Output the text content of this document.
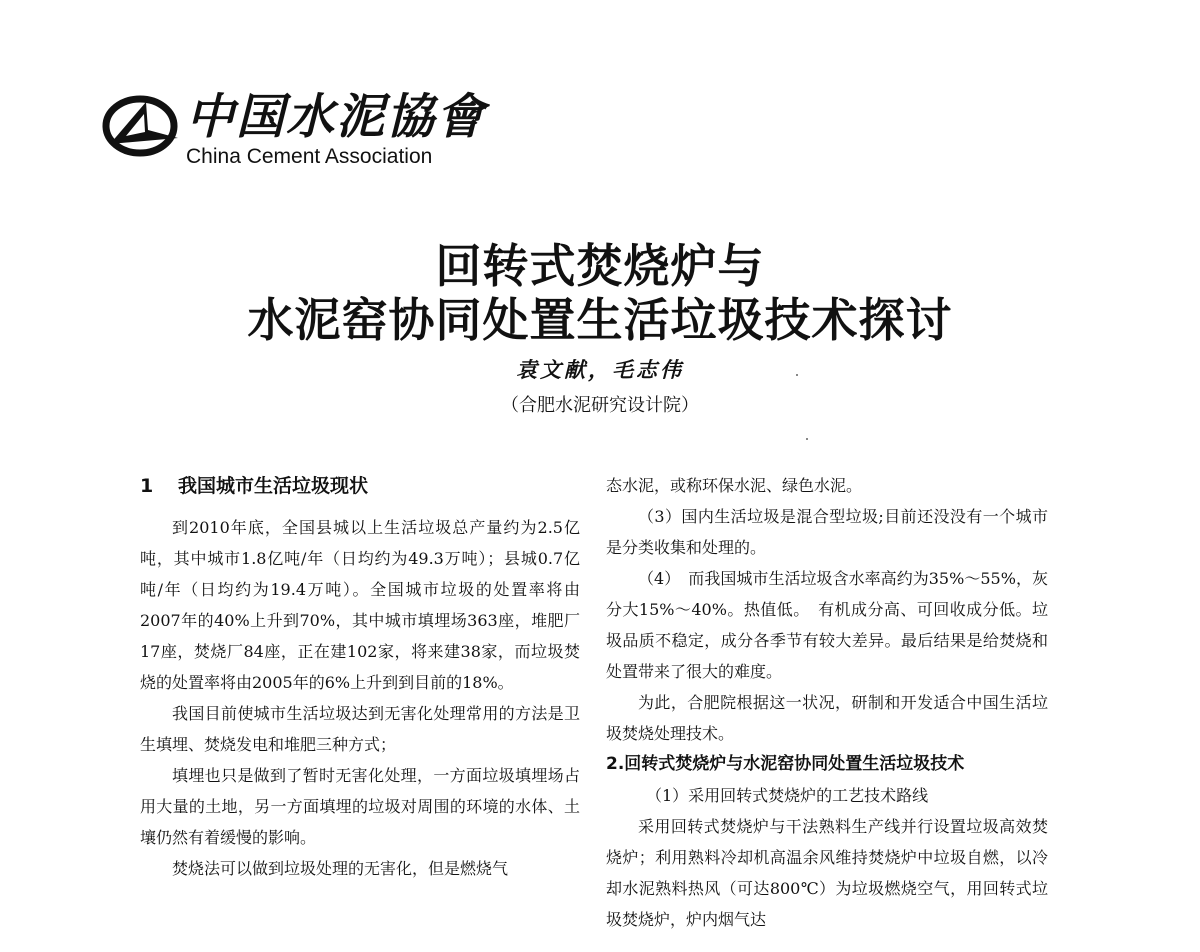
中国水泥協會
China Cement Association
回转式焚烧炉与
水泥窑协同处置生活垃圾技术探讨
袁文献，毛志伟
（合肥水泥研究设计院）
1 我国城市生活垃圾现状

到2010年底，全国县城以上生活垃圾总产量约为2.5亿吨，其中城市1.8亿吨/年（日均约为49.3万吨）；县城0.7亿吨/年（日均约为19.4万吨）。全国城市垃圾的处置率将由2007年的40%上升到70%，其中城市填埋场363座，堆肥厂17座，焚烧厂84座，正在建102家，将来建38家，而垃圾焚烧的处置率将由2005年的6%上升到到目前的18%。

我国目前使城市生活垃圾达到无害化处理常用的方法是卫生填埋、焚烧发电和堆肥三种方式；

填埋也只是做到了暂时无害化处理，一方面垃圾填埋场占用大量的土地，另一方面填埋的垃圾对周围的环境的水体、土壤仍然有着缓慢的影响。

焚烧法可以做到垃圾处理的无害化，但是燃烧气

态水泥，或称环保水泥、绿色水泥。

（3）国内生活垃圾是混合型垃圾;目前还没没有一个城市是分类收集和处理的。

（4）　而我国城市生活垃圾含水率高约为35%～55%，灰分大15%～40%。热值低。　有机成分高、可回收成分低。垃圾品质不稳定，成分各季节有较大差异。最后结果是给焚烧和处置带来了很大的难度。

为此，合肥院根据这一状况，研制和开发适合中国生活垃圾焚烧处理技术。

2.回转式焚烧炉与水泥窑协同处置生活垃圾技术

（1）采用回转式焚烧炉的工艺技术路线

采用回转式焚烧炉与干法熟料生产线并行设置垃圾高效焚烧炉；利用熟料冷却机高温余风维持焚烧炉中垃圾自燃，以冷却水泥熟料热风（可达800℃）为垃圾燃烧空气，用回转式垃圾焚烧炉，炉内烟气达
